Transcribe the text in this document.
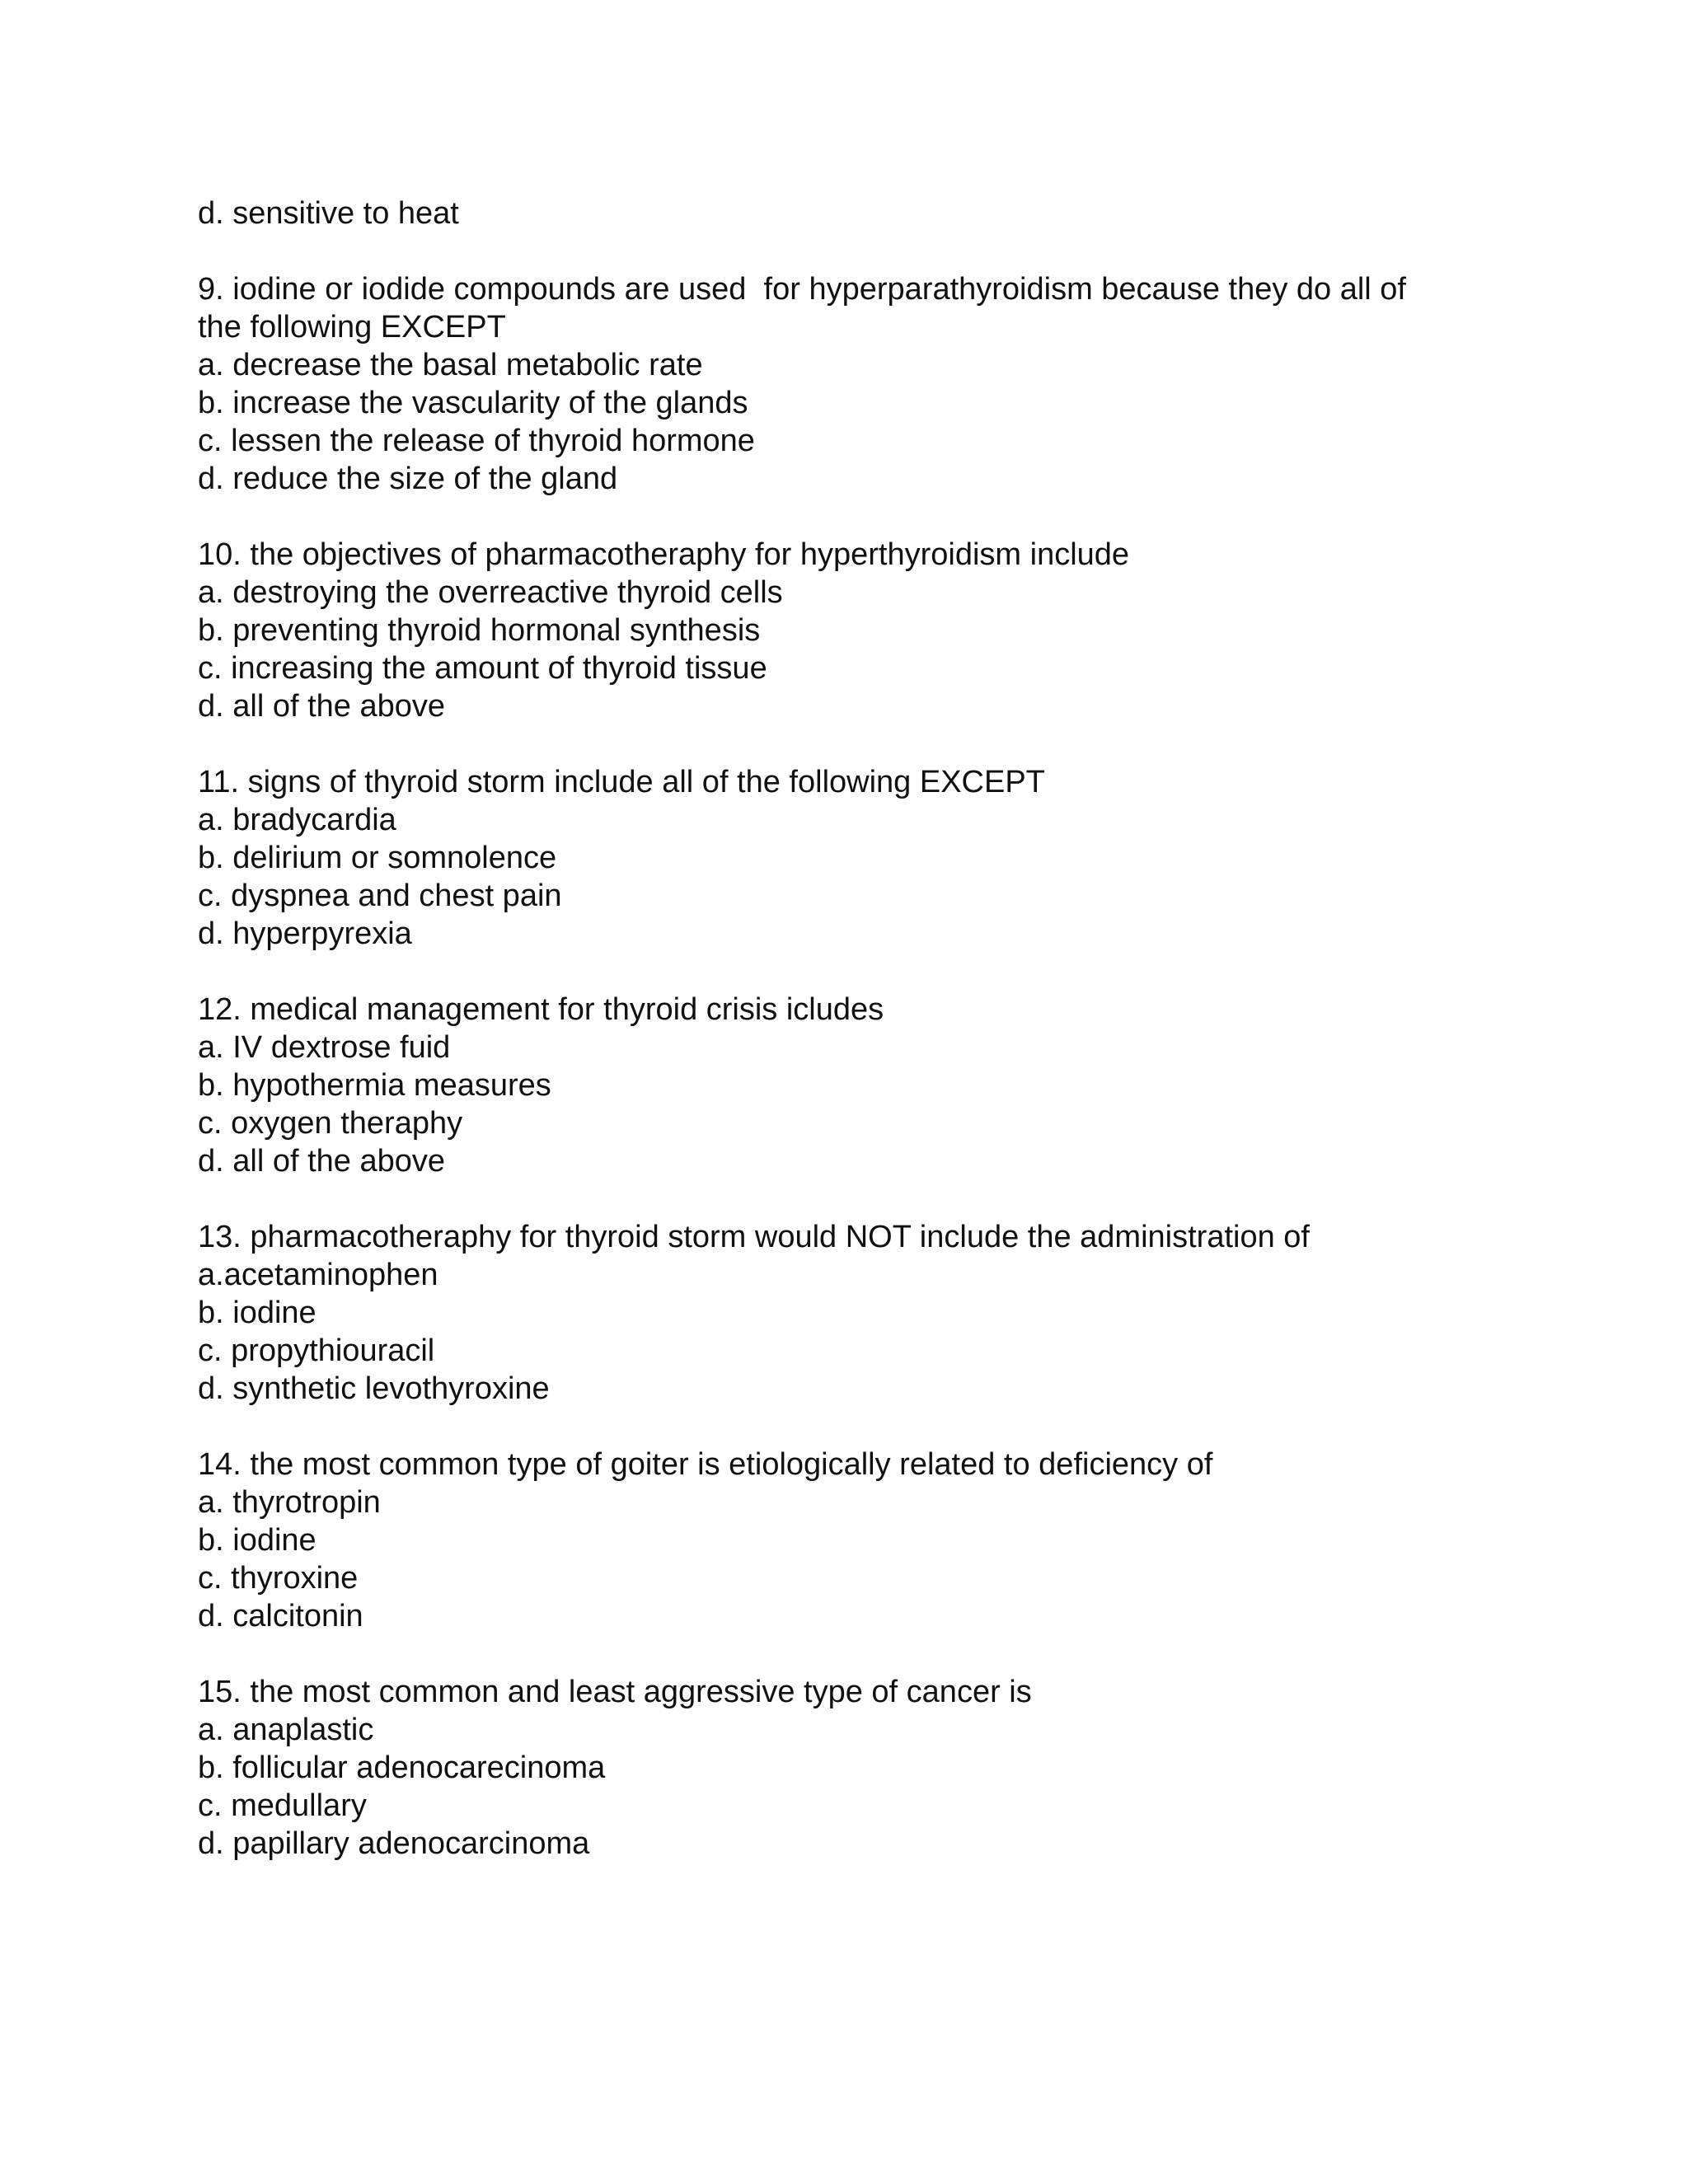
d. sensitive to heat

9. iodine or iodide compounds are used  for hyperparathyroidism because they do all of

the following EXCEPT

a. decrease the basal metabolic rate

b. increase the vascularity of the glands

c. lessen the release of thyroid hormone

d. reduce the size of the gland

10. the objectives of pharmacotheraphy for hyperthyroidism include

a. destroying the overreactive thyroid cells

b. preventing thyroid hormonal synthesis

c. increasing the amount of thyroid tissue

d. all of the above

11. signs of thyroid storm include all of the following EXCEPT

a. bradycardia

b. delirium or somnolence

c. dyspnea and chest pain

d. hyperpyrexia

12. medical management for thyroid crisis icludes

a. IV dextrose fuid

b. hypothermia measures

c. oxygen theraphy

d. all of the above

13. pharmacotheraphy for thyroid storm would NOT include the administration of

a.acetaminophen

b. iodine

c. propythiouracil

d. synthetic levothyroxine

14. the most common type of goiter is etiologically related to deficiency of

a. thyrotropin

b. iodine

c. thyroxine

d. calcitonin

15. the most common and least aggressive type of cancer is

a. anaplastic

b. follicular adenocarecinoma

c. medullary

d. papillary adenocarcinoma
